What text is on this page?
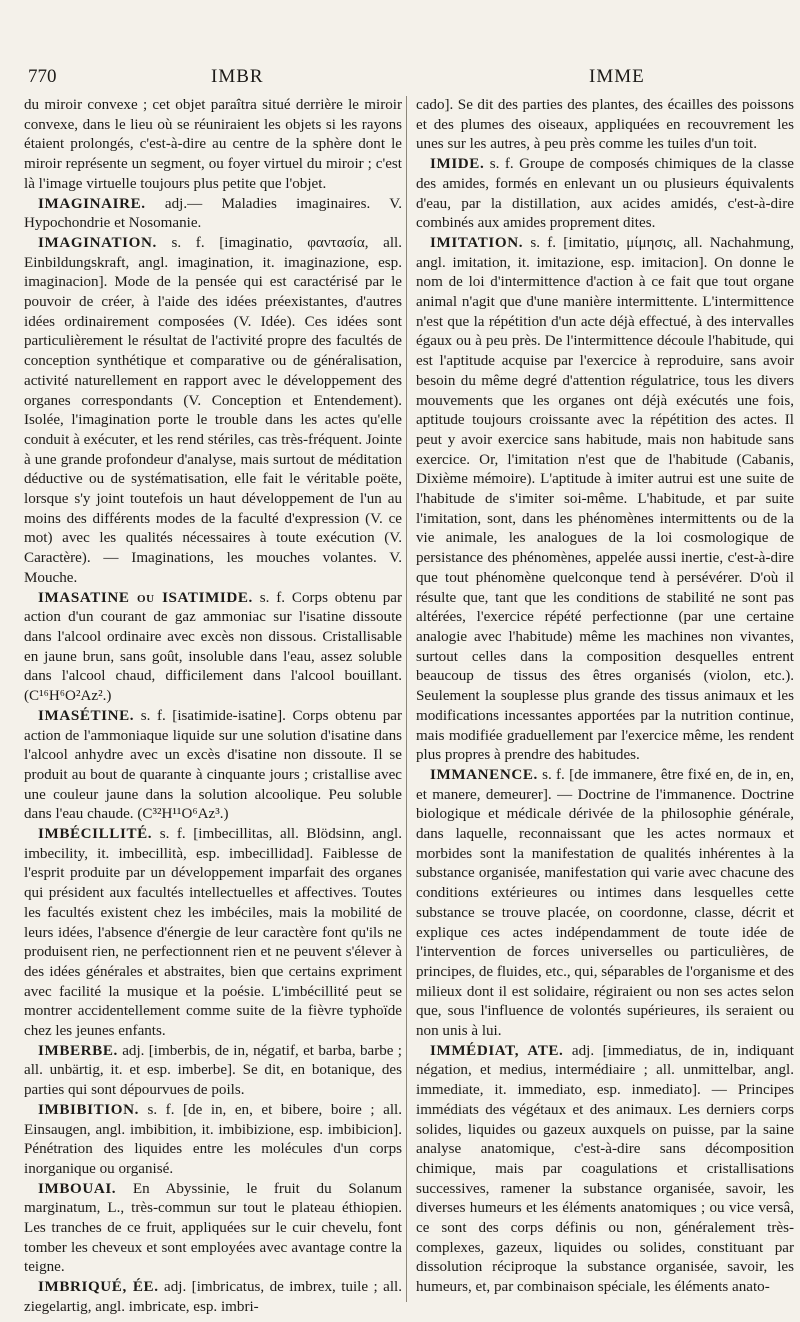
770	IMBR	IMME

du miroir convexe ; cet objet paraîtra situé derrière le miroir convexe, dans le lieu où se réuniraient les objets si les rayons étaient prolongés, c'est-à-dire au centre de la sphère dont le miroir représente un segment, ou foyer virtuel du miroir ; c'est là l'image virtuelle toujours plus petite que l'objet.

IMAGINAIRE. adj.— Maladies imaginaires. V. Hypochondrie et Nosomanie.

IMAGINATION. s. f. [imaginatio, φαντασία, all. Einbildungskraft, angl. imagination, it. imaginazione, esp. imaginacion]. Mode de la pensée qui est caractérisé par le pouvoir de créer, à l'aide des idées préexistantes, d'autres idées ordinairement composées (V. Idée). Ces idées sont particulièrement le résultat de l'activité propre des facultés de conception synthétique et comparative ou de généralisation, activité naturellement en rapport avec le développement des organes correspondants (V. Conception et Entendement). Isolée, l'imagination porte le trouble dans les actes qu'elle conduit à exécuter, et les rend stériles, cas très-fréquent. Jointe à une grande profondeur d'analyse, mais surtout de méditation déductive ou de systématisation, elle fait le véritable poëte, lorsque s'y joint toutefois un haut développement de l'un au moins des différents modes de la faculté d'expression (V. ce mot) avec les qualités nécessaires à toute exécution (V. Caractère). — Imaginations, les mouches volantes. V. Mouche.

IMASATINE ou ISATIMIDE. s. f. Corps obtenu par action d'un courant de gaz ammoniac sur l'isatine dissoute dans l'alcool ordinaire avec excès non dissous. Cristallisable en jaune brun, sans goût, insoluble dans l'eau, assez soluble dans l'alcool chaud, difficilement dans l'alcool bouillant. (C¹⁶H⁶O²Az².)

IMASÉTINE. s. f. [isatimide-isatine]. Corps obtenu par action de l'ammoniaque liquide sur une solution d'isatine dans l'alcool anhydre avec un excès d'isatine non dissoute. Il se produit au bout de quarante à cinquante jours ; cristallise avec une couleur jaune dans la solution alcoolique. Peu soluble dans l'eau chaude. (C³²H¹¹O⁶Az³.)

IMBÉCILLITÉ. s. f. [imbecillitas, all. Blödsinn, angl. imbecility, it. imbecillità, esp. imbecillidad]. Faiblesse de l'esprit produite par un développement imparfait des organes qui président aux facultés intellectuelles et affectives. Toutes les facultés existent chez les imbéciles, mais la mobilité de leurs idées, l'absence d'énergie de leur caractère font qu'ils ne produisent rien, ne perfectionnent rien et ne peuvent s'élever à des idées générales et abstraites, bien que certains expriment avec facilité la musique et la poésie. L'imbécillité peut se montrer accidentellement comme suite de la fièvre typhoïde chez les jeunes enfants.

IMBERBE. adj. [imberbis, de in, négatif, et barba, barbe ; all. unbärtig, it. et esp. imberbe]. Se dit, en botanique, des parties qui sont dépourvues de poils.

IMBIBITION. s. f. [de in, en, et bibere, boire ; all. Einsaugen, angl. imbibition, it. imbibizione, esp. imbibicion]. Pénétration des liquides entre les molécules d'un corps inorganique ou organisé.

IMBOUAI. En Abyssinie, le fruit du Solanum marginatum, L., très-commun sur tout le plateau éthiopien. Les tranches de ce fruit, appliquées sur le cuir chevelu, font tomber les cheveux et sont employées avec avantage contre la teigne.

IMBRIQUÉ, ÉE. adj. [imbricatus, de imbrex, tuile ; all. ziegelartig, angl. imbricate, esp. imbri-

cado]. Se dit des parties des plantes, des écailles des poissons et des plumes des oiseaux, appliquées en recouvrement les unes sur les autres, à peu près comme les tuiles d'un toit.

IMIDE. s. f. Groupe de composés chimiques de la classe des amides, formés en enlevant un ou plusieurs équivalents d'eau, par la distillation, aux acides amidés, c'est-à-dire combinés aux amides proprement dites.

IMITATION. s. f. [imitatio, μίμησις, all. Nachahmung, angl. imitation, it. imitazione, esp. imitacion]. On donne le nom de loi d'intermittence d'action à ce fait que tout organe animal n'agit que d'une manière intermittente. L'intermittence n'est que la répétition d'un acte déjà effectué, à des intervalles égaux ou à peu près. De l'intermittence découle l'habitude, qui est l'aptitude acquise par l'exercice à reproduire, sans avoir besoin du même degré d'attention régulatrice, tous les divers mouvements que les organes ont déjà exécutés une fois, aptitude toujours croissante avec la répétition des actes. Il peut y avoir exercice sans habitude, mais non habitude sans exercice. Or, l'imitation n'est que de l'habitude (Cabanis, Dixième mémoire). L'aptitude à imiter autrui est une suite de l'habitude de s'imiter soi-même. L'habitude, et par suite l'imitation, sont, dans les phénomènes intermittents ou de la vie animale, les analogues de la loi cosmologique de persistance des phénomènes, appelée aussi inertie, c'est-à-dire que tout phénomène quelconque tend à persévérer. D'où il résulte que, tant que les conditions de stabilité ne sont pas altérées, l'exercice répété perfectionne (par une certaine analogie avec l'habitude) même les machines non vivantes, surtout celles dans la composition desquelles entrent beaucoup de tissus des êtres organisés (violon, etc.). Seulement la souplesse plus grande des tissus animaux et les modifications incessantes apportées par la nutrition continue, mais modifiée graduellement par l'exercice même, les rendent plus propres à prendre des habitudes.

IMMANENCE. s. f. [de immanere, être fixé en, de in, en, et manere, demeurer]. — Doctrine de l'immanence. Doctrine biologique et médicale dérivée de la philosophie générale, dans laquelle, reconnaissant que les actes normaux et morbides sont la manifestation de qualités inhérentes à la substance organisée, manifestation qui varie avec chacune des conditions extérieures ou intimes dans lesquelles cette substance se trouve placée, on coordonne, classe, décrit et explique ces actes indépendamment de toute idée de l'intervention de forces universelles ou particulières, de principes, de fluides, etc., qui, séparables de l'organisme et des milieux dont il est solidaire, régiraient ou non ses actes selon que, sous l'influence de volontés supérieures, ils seraient ou non unis à lui.

IMMÉDIAT, ATE. adj. [immediatus, de in, indiquant négation, et medius, intermédiaire ; all. unmittelbar, angl. immediate, it. immediato, esp. inmediato]. — Principes immédiats des végétaux et des animaux. Les derniers corps solides, liquides ou gazeux auxquels on puisse, par la saine analyse anatomique, c'est-à-dire sans décomposition chimique, mais par coagulations et cristallisations successives, ramener la substance organisée, savoir, les diverses humeurs et les éléments anatomiques ; ou vice versâ, ce sont des corps définis ou non, généralement très-complexes, gazeux, liquides ou solides, constituant par dissolution réciproque la substance organisée, savoir, les humeurs, et, par combinaison spéciale, les éléments anato-
